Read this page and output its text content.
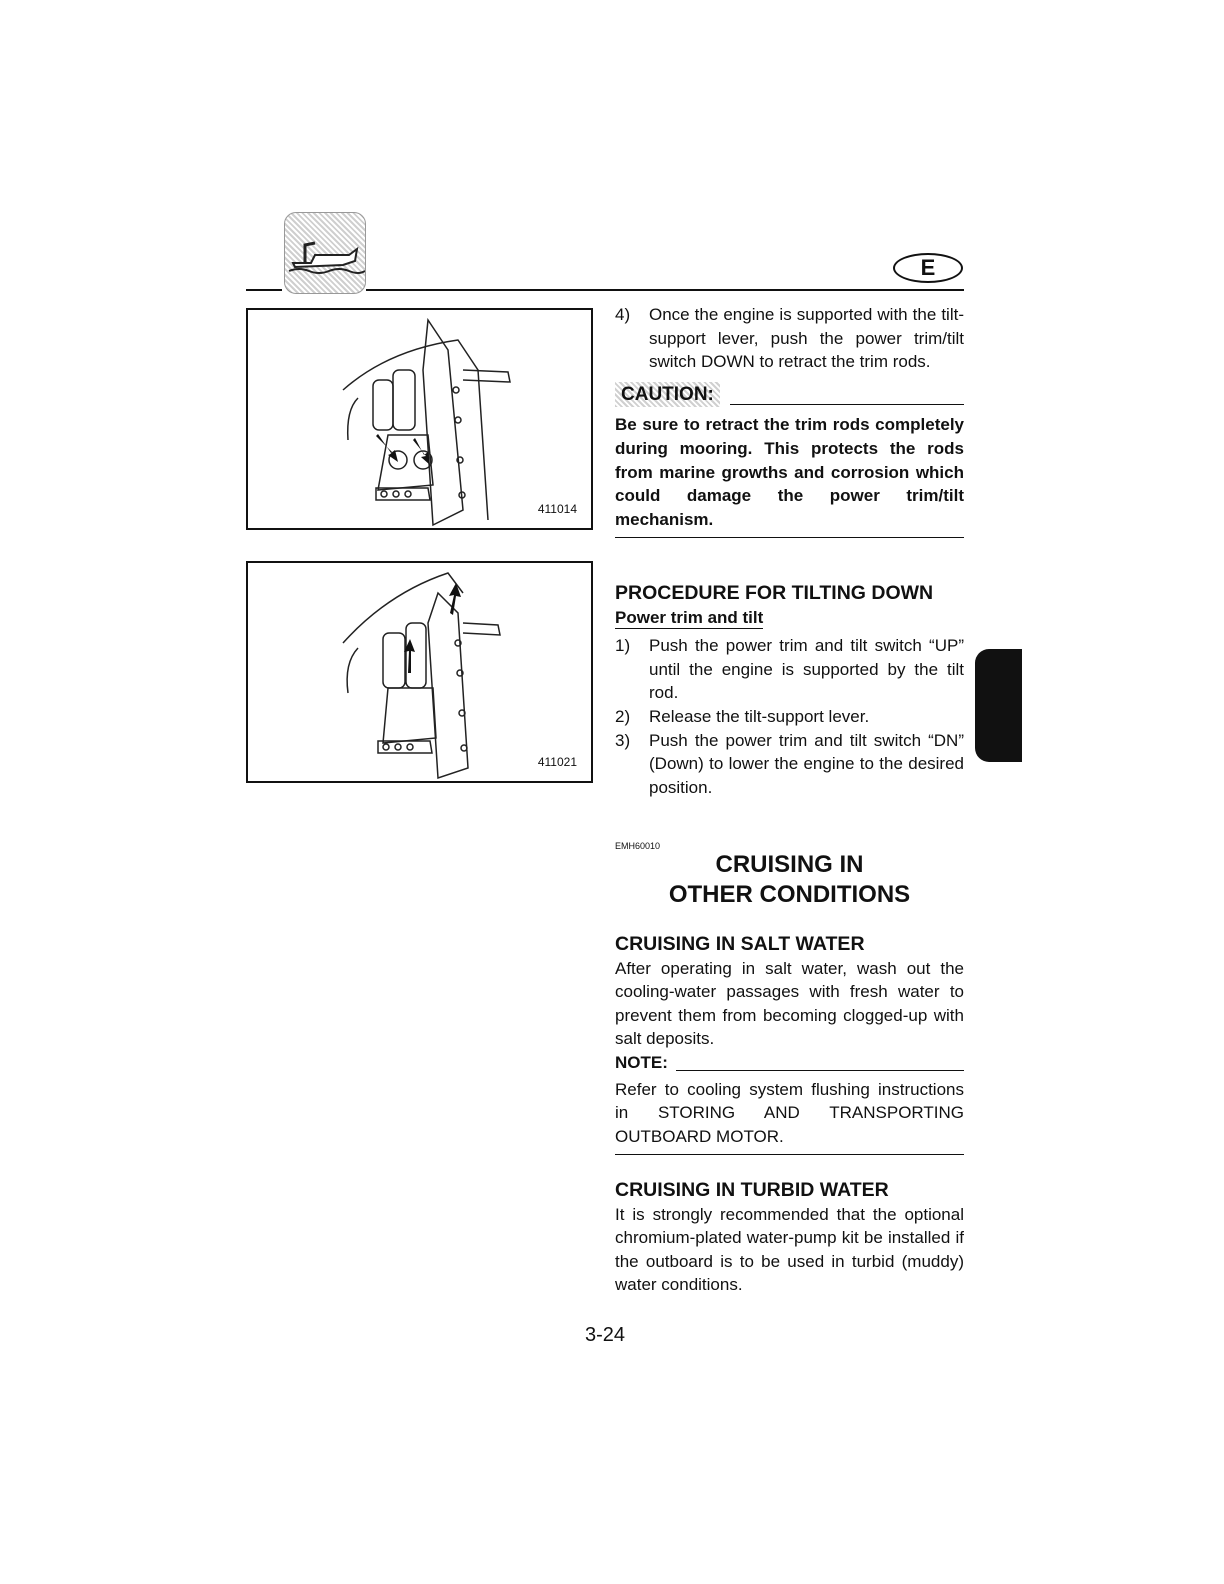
E
411014
411021
4)	Once the engine is supported with the tilt-support lever, push the power trim/tilt switch DOWN to retract the trim rods.
CAUTION:
Be sure to retract the trim rods completely during mooring. This protects the rods from marine growths and corrosion which could damage the power trim/tilt mechanism.
PROCEDURE FOR TILTING DOWN
Power trim and tilt
1)	Push the power trim and tilt switch “UP” until the engine is supported by the tilt rod.
2)	Release the tilt-support lever.
3)	Push the power trim and tilt switch “DN” (Down) to lower the engine to the desired position.
EMH60010
CRUISING IN
OTHER CONDITIONS
CRUISING IN SALT WATER
After operating in salt water, wash out the cooling-water passages with fresh water to prevent them from becoming clogged-up with salt deposits.
NOTE:
Refer to cooling system flushing instructions in STORING AND TRANSPORTING OUTBOARD MOTOR.
CRUISING IN TURBID WATER
It is strongly recommended that the optional chromium-plated water-pump kit be installed if the outboard is to be used in turbid (muddy) water conditions.
3-24
